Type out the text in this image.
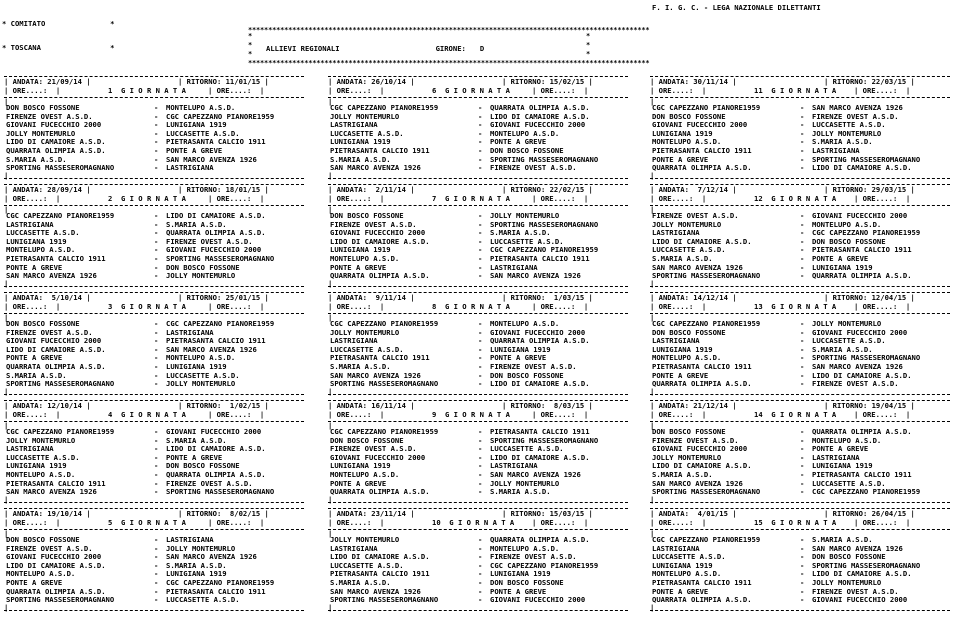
* COMITATO               *

* TOSCANA                *

F. I. G. C. - LEGA NAZIONALE DILETTANTI
****************************************************************************************************
*
*
*
*
*
*
ALLIEVI REGIONALI	GIRONE: D
****************************************************************************************************
| ANDATA: 21/09/14 |	| RITORNO: 11/01/15 |
| ORE....:  |	1  G I O R N A T A	| ORE....:  |
|
DON BOSCO FOSSONE	- MONTELUPO A.S.D.
FIRENZE OVEST A.S.D.	- CGC CAPEZZANO PIANORE1959
GIOVANI FUCECCHIO 2000	- LUNIGIANA 1919
JOLLY MONTEMURLO	- LUCCASETTE A.S.D.
LIDO DI CAMAIORE A.S.D.	- PIETRASANTA CALCIO 1911
QUARRATA OLIMPIA A.S.D.	- PONTE A GREVE
S.MARIA A.S.D.	- SAN MARCO AVENZA 1926
SPORTING MASSESEROMAGNANO	- LASTRIGIANA
|
| ANDATA: 28/09/14 |	| RITORNO: 18/01/15 |
| ORE....:  |	2  G I O R N A T A	| ORE....:  |
|
CGC CAPEZZANO PIANORE1959	- LIDO DI CAMAIORE A.S.D.
LASTRIGIANA	- S.MARIA A.S.D.
LUCCASETTE A.S.D.	- QUARRATA OLIMPIA A.S.D.
LUNIGIANA 1919	- FIRENZE OVEST A.S.D.
MONTELUPO A.S.D.	- GIOVANI FUCECCHIO 2000
PIETRASANTA CALCIO 1911	- SPORTING MASSESEROMAGNANO
PONTE A GREVE	- DON BOSCO FOSSONE
SAN MARCO AVENZA 1926	- JOLLY MONTEMURLO
|
| ANDATA:  5/10/14 |	| RITORNO: 25/01/15 |
| ORE....:  |	3  G I O R N A T A	| ORE....:  |
|
DON BOSCO FOSSONE	- CGC CAPEZZANO PIANORE1959
FIRENZE OVEST A.S.D.	- LASTRIGIANA
GIOVANI FUCECCHIO 2000	- PIETRASANTA CALCIO 1911
LIDO DI CAMAIORE A.S.D.	- SAN MARCO AVENZA 1926
PONTE A GREVE	- MONTELUPO A.S.D.
QUARRATA OLIMPIA A.S.D.	- LUNIGIANA 1919
S.MARIA A.S.D.	- LUCCASETTE A.S.D.
SPORTING MASSESEROMAGNANO	- JOLLY MONTEMURLO
|
| ANDATA: 12/10/14 |	| RITORNO:  1/02/15 |
| ORE....:  |	4  G I O R N A T A	| ORE....:  |
|
CGC CAPEZZANO PIANORE1959	- GIOVANI FUCECCHIO 2000
JOLLY MONTEMURLO	- S.MARIA A.S.D.
LASTRIGIANA	- LIDO DI CAMAIORE A.S.D.
LUCCASETTE A.S.D.	- PONTE A GREVE
LUNIGIANA 1919	- DON BOSCO FOSSONE
MONTELUPO A.S.D.	- QUARRATA OLIMPIA A.S.D.
PIETRASANTA CALCIO 1911	- FIRENZE OVEST A.S.D.
SAN MARCO AVENZA 1926	- SPORTING MASSESEROMAGNANO
|
| ANDATA: 19/10/14 |	| RITORNO:  8/02/15 |
| ORE....:  |	5  G I O R N A T A	| ORE....:  |
|
DON BOSCO FOSSONE	- LASTRIGIANA
FIRENZE OVEST A.S.D.	- JOLLY MONTEMURLO
GIOVANI FUCECCHIO 2000	- SAN MARCO AVENZA 1926
LIDO DI CAMAIORE A.S.D.	- S.MARIA A.S.D.
MONTELUPO A.S.D.	- LUNIGIANA 1919
PONTE A GREVE	- CGC CAPEZZANO PIANORE1959
QUARRATA OLIMPIA A.S.D.	- PIETRASANTA CALCIO 1911
SPORTING MASSESEROMAGNANO	- LUCCASETTE A.S.D.
|
| ANDATA: 26/10/14 |	| RITORNO: 15/02/15 |
| ORE....:  |	6  G I O R N A T A	| ORE....:  |
|
CGC CAPEZZANO PIANORE1959	- QUARRATA OLIMPIA A.S.D.
JOLLY MONTEMURLO	- LIDO DI CAMAIORE A.S.D.
LASTRIGIANA	- GIOVANI FUCECCHIO 2000
LUCCASETTE A.S.D.	- MONTELUPO A.S.D.
LUNIGIANA 1919	- PONTE A GREVE
PIETRASANTA CALCIO 1911	- DON BOSCO FOSSONE
S.MARIA A.S.D.	- SPORTING MASSESEROMAGNANO
SAN MARCO AVENZA 1926	- FIRENZE OVEST A.S.D.
|
| ANDATA:  2/11/14 |	| RITORNO: 22/02/15 |
| ORE....:  |	7  G I O R N A T A	| ORE....:  |
|
DON BOSCO FOSSONE	- JOLLY MONTEMURLO
FIRENZE OVEST A.S.D.	- SPORTING MASSESEROMAGNANO
GIOVANI FUCECCHIO 2000	- S.MARIA A.S.D.
LIDO DI CAMAIORE A.S.D.	- LUCCASETTE A.S.D.
LUNIGIANA 1919	- CGC CAPEZZANO PIANORE1959
MONTELUPO A.S.D.	- PIETRASANTA CALCIO 1911
PONTE A GREVE	- LASTRIGIANA
QUARRATA OLIMPIA A.S.D.	- SAN MARCO AVENZA 1926
|
| ANDATA:  9/11/14 |	| RITORNO:  1/03/15 |
| ORE....:  |	8  G I O R N A T A	| ORE....:  |
|
CGC CAPEZZANO PIANORE1959	- MONTELUPO A.S.D.
JOLLY MONTEMURLO	- GIOVANI FUCECCHIO 2000
LASTRIGIANA	- QUARRATA OLIMPIA A.S.D.
LUCCASETTE A.S.D.	- LUNIGIANA 1919
PIETRASANTA CALCIO 1911	- PONTE A GREVE
S.MARIA A.S.D.	- FIRENZE OVEST A.S.D.
SAN MARCO AVENZA 1926	- DON BOSCO FOSSONE
SPORTING MASSESEROMAGNANO	- LIDO DI CAMAIORE A.S.D.
|
| ANDATA: 16/11/14 |	| RITORNO:  8/03/15 |
| ORE....:  |	9  G I O R N A T A	| ORE....:  |
|
CGC CAPEZZANO PIANORE1959	- PIETRASANTA CALCIO 1911
DON BOSCO FOSSONE	- SPORTING MASSESEROMAGNANO
FIRENZE OVEST A.S.D.	- LUCCASETTE A.S.D.
GIOVANI FUCECCHIO 2000	- LIDO DI CAMAIORE A.S.D.
LUNIGIANA 1919	- LASTRIGIANA
MONTELUPO A.S.D.	- SAN MARCO AVENZA 1926
PONTE A GREVE	- JOLLY MONTEMURLO
QUARRATA OLIMPIA A.S.D.	- S.MARIA A.S.D.
|
| ANDATA: 23/11/14 |	| RITORNO: 15/03/15 |
| ORE....:  |	10  G I O R N A T A | ORE....:  |
|
JOLLY MONTEMURLO	- QUARRATA OLIMPIA A.S.D.
LASTRIGIANA	- MONTELUPO A.S.D.
LIDO DI CAMAIORE A.S.D.	- FIRENZE OVEST A.S.D.
LUCCASETTE A.S.D.	- CGC CAPEZZANO PIANORE1959
PIETRASANTA CALCIO 1911	- LUNIGIANA 1919
S.MARIA A.S.D.	- DON BOSCO FOSSONE
SAN MARCO AVENZA 1926	- PONTE A GREVE
SPORTING MASSESEROMAGNANO	- GIOVANI FUCECCHIO 2000
|
| ANDATA: 30/11/14 |	| RITORNO: 22/03/15 |
| ORE....:  |	11  G I O R N A T A | ORE....:  |
|
CGC CAPEZZANO PIANORE1959	- SAN MARCO AVENZA 1926
DON BOSCO FOSSONE	- FIRENZE OVEST A.S.D.
GIOVANI FUCECCHIO 2000	- LUCCASETTE A.S.D.
LUNIGIANA 1919	- JOLLY MONTEMURLO
MONTELUPO A.S.D.	- S.MARIA A.S.D.
PIETRASANTA CALCIO 1911	- LASTRIGIANA
PONTE A GREVE	- SPORTING MASSESEROMAGNANO
QUARRATA OLIMPIA A.S.D.	- LIDO DI CAMAIORE A.S.D.
|
| ANDATA:  7/12/14 |	| RITORNO: 29/03/15 |
| ORE....:  |	12  G I O R N A T A | ORE....:  |
|
FIRENZE OVEST A.S.D.	- GIOVANI FUCECCHIO 2000
JOLLY MONTEMURLO	- MONTELUPO A.S.D.
LASTRIGIANA	- CGC CAPEZZANO PIANORE1959
LIDO DI CAMAIORE A.S.D.	- DON BOSCO FOSSONE
LUCCASETTE A.S.D.	- PIETRASANTA CALCIO 1911
S.MARIA A.S.D.	- PONTE A GREVE
SAN MARCO AVENZA 1926	- LUNIGIANA 1919
SPORTING MASSESEROMAGNANO	- QUARRATA OLIMPIA A.S.D.
|
| ANDATA: 14/12/14 |	| RITORNO: 12/04/15 |
| ORE....:  |	13  G I O R N A T A | ORE....:  |
|
CGC CAPEZZANO PIANORE1959	- JOLLY MONTEMURLO
DON BOSCO FOSSONE	- GIOVANI FUCECCHIO 2000
LASTRIGIANA	- LUCCASETTE A.S.D.
LUNIGIANA 1919	- S.MARIA A.S.D.
MONTELUPO A.S.D.	- SPORTING MASSESEROMAGNANO
PIETRASANTA CALCIO 1911	- SAN MARCO AVENZA 1926
PONTE A GREVE	- LIDO DI CAMAIORE A.S.D.
QUARRATA OLIMPIA A.S.D.	- FIRENZE OVEST A.S.D.
|
| ANDATA: 21/12/14 |	| RITORNO: 19/04/15 |
| ORE....:  |	14  G I O R N A T A | ORE....:  |
|
DON BOSCO FOSSONE	- QUARRATA OLIMPIA A.S.D.
FIRENZE OVEST A.S.D.	- MONTELUPO A.S.D.
GIOVANI FUCECCHIO 2000	- PONTE A GREVE
JOLLY MONTEMURLO	- LASTRIGIANA
LIDO DI CAMAIORE A.S.D.	- LUNIGIANA 1919
S.MARIA A.S.D.	- PIETRASANTA CALCIO 1911
SAN MARCO AVENZA 1926	- LUCCASETTE A.S.D.
SPORTING MASSESEROMAGNANO	- CGC CAPEZZANO PIANORE1959
|
| ANDATA:  4/01/15 |	| RITORNO: 26/04/15 |
| ORE....:  |	15  G I O R N A T A | ORE....:  |
|
CGC CAPEZZANO PIANORE1959	- S.MARIA A.S.D.
LASTRIGIANA	- SAN MARCO AVENZA 1926
LUCCASETTE A.S.D.	- DON BOSCO FOSSONE
LUNIGIANA 1919	- SPORTING MASSESEROMAGNANO
MONTELUPO A.S.D.	- LIDO DI CAMAIORE A.S.D.
PIETRASANTA CALCIO 1911	- JOLLY MONTEMURLO
PONTE A GREVE	- FIRENZE OVEST A.S.D.
QUARRATA OLIMPIA A.S.D.	- GIOVANI FUCECCHIO 2000
|
